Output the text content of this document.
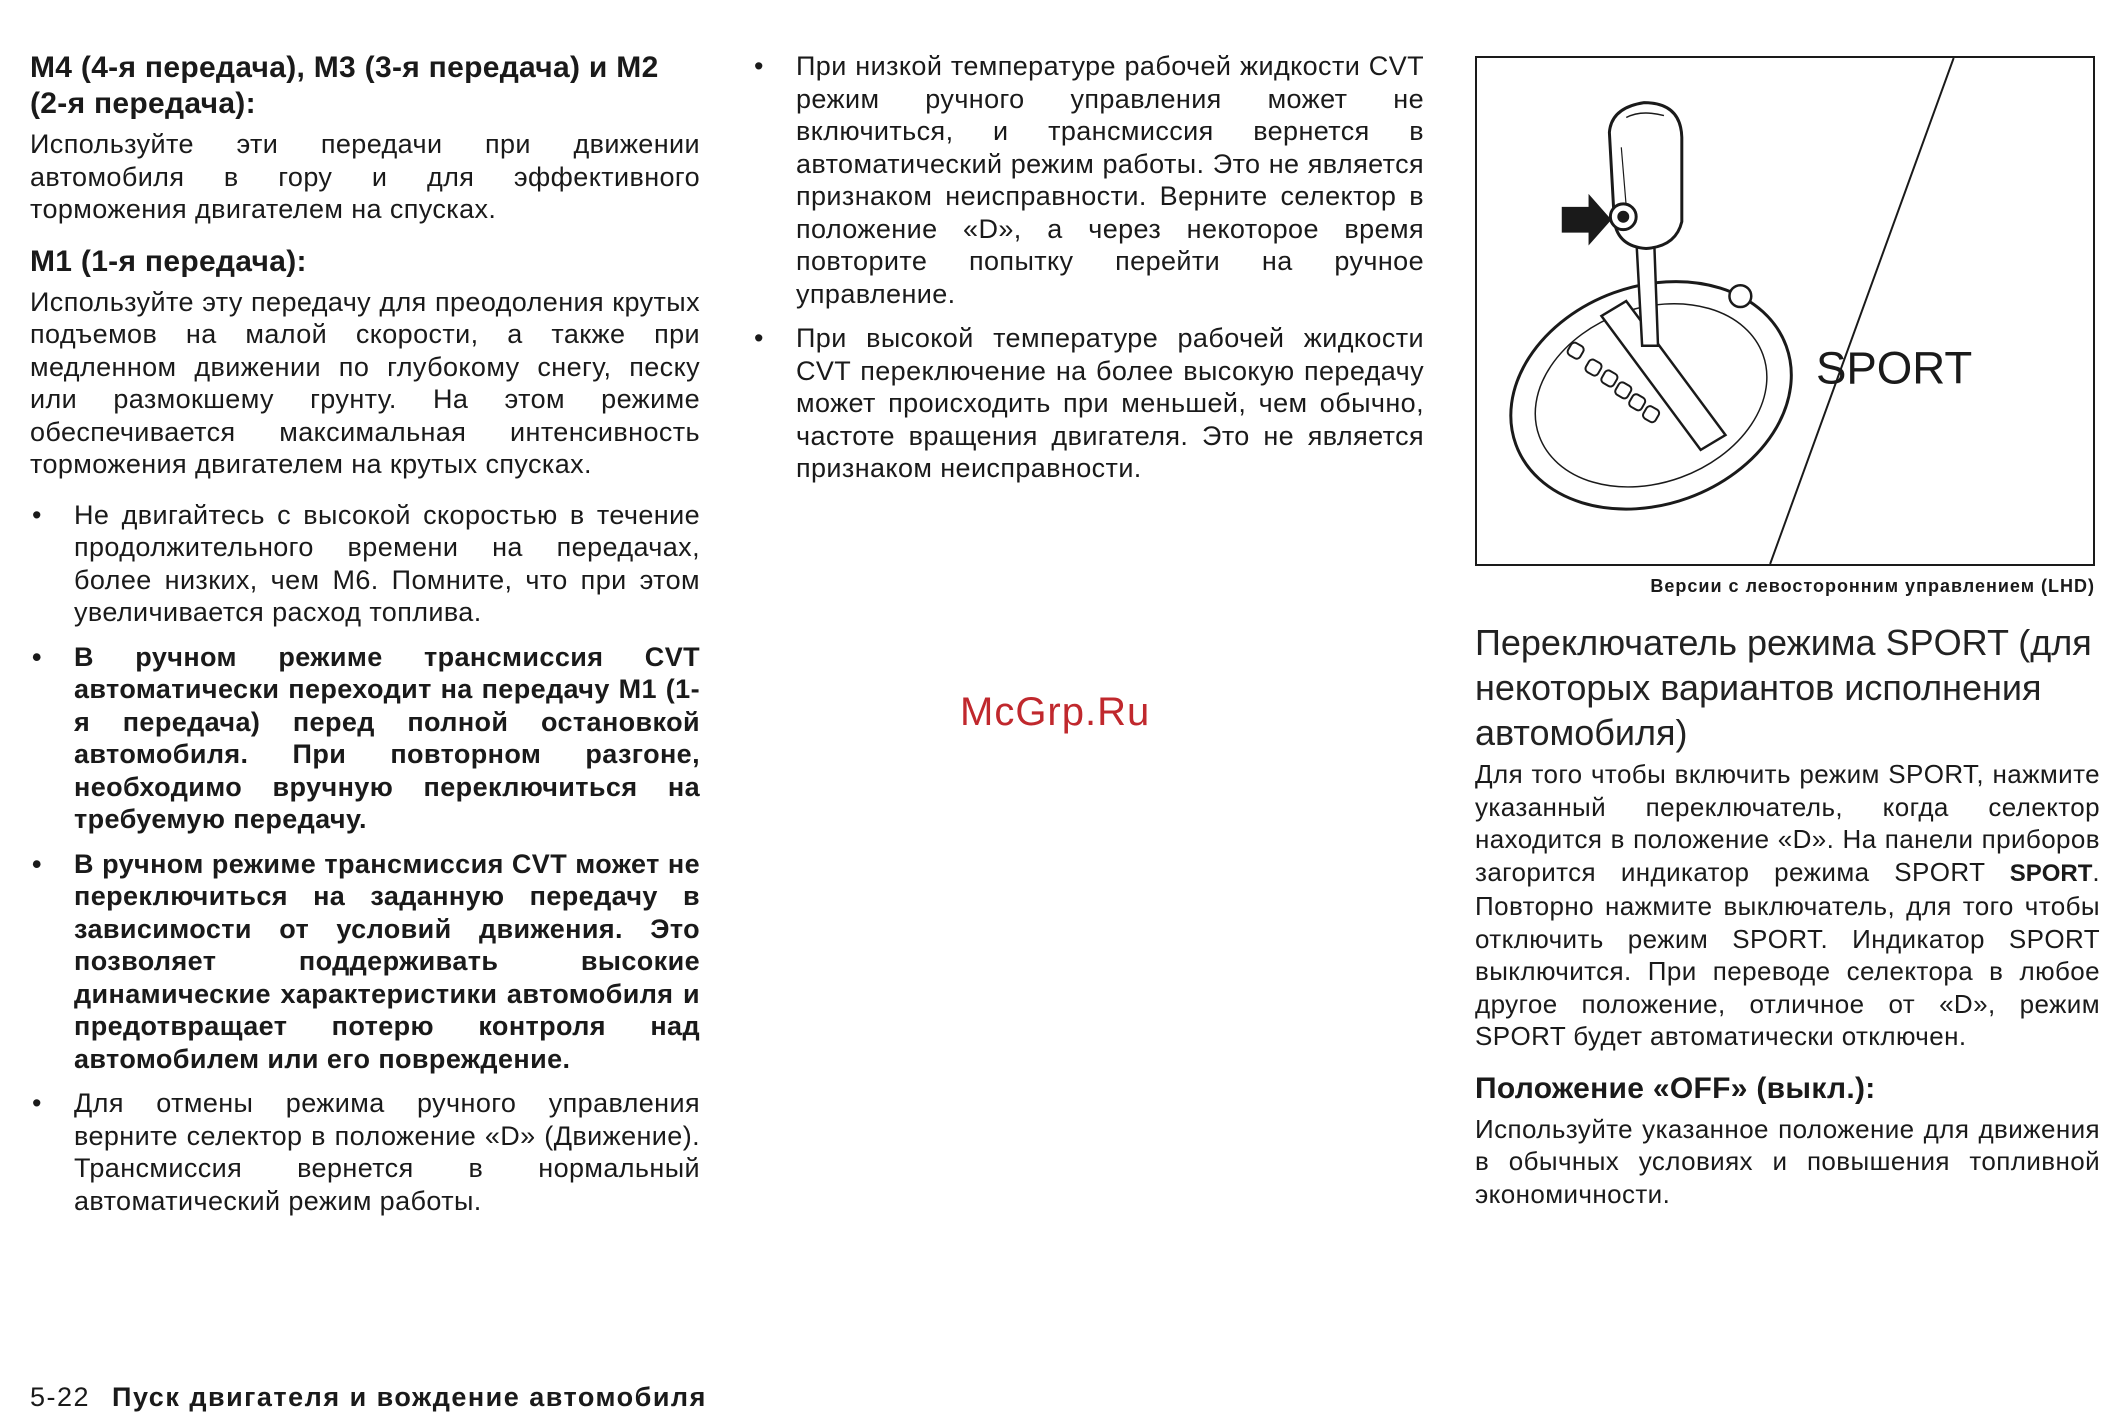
M4 (4-я передача), M3 (3-я передача) и M2 (2-я передача):

Используйте эти передачи при движении автомобиля в гору и для эффективного торможения двигателем на спусках.

M1 (1-я передача):

Используйте эту передачу для преодоления крутых подъемов на малой скорости, а также при медленном движении по глубокому снегу, песку или размокшему грунту. На этом режиме обеспечивается максимальная интенсивность торможения двигателем на крутых спусках.

• Не двигайтесь с высокой скоростью в течение продолжительного времени на передачах, более низких, чем M6. Помните, что при этом увеличивается расход топлива.
• В ручном режиме трансмиссия CVT автоматически переходит на передачу M1 (1-я передача) перед полной остановкой автомобиля. При повторном разгоне, необходимо вручную переключиться на требуемую передачу.
• В ручном режиме трансмиссия CVT может не переключиться на заданную передачу в зависимости от условий движения. Это позволяет поддерживать высокие динамические характеристики автомобиля и предотвращает потерю контроля над автомобилем или его повреждение.
• Для отмены режима ручного управления верните селектор в положение «D» (Движение). Трансмиссия вернется в нормальный автоматический режим работы.
• При низкой температуре рабочей жидкости CVT режим ручного управления может не включиться, и трансмиссия вернется в автоматический режим работы. Это не является признаком неисправности. Верните селектор в положение «D», а через некоторое время повторите попытку перейти на ручное управление.
• При высокой температуре рабочей жидкости CVT переключение на более высокую передачу может происходить при меньшей, чем обычно, частоте вращения двигателя. Это не является признаком неисправности.
SPORT
Версии с левосторонним управлением (LHD)
Переключатель режима SPORT (для некоторых вариантов исполнения автомобиля)

Для того чтобы включить режим SPORT, нажмите указанный переключатель, когда селектор находится в положение «D». На панели приборов загорится индикатор режима SPORT SPORT. Повторно нажмите выключатель, для того чтобы отключить режим SPORT. Индикатор SPORT выключится. При переводе селектора в любое другое положение, отличное от «D», режим SPORT будет автоматически отключен.

Положение «OFF» (выкл.):

Используйте указанное положение для движения в обычных условиях и повышения топливной экономичности.

McGrp.Ru
5-22 Пуск двигателя и вождение автомобиля
